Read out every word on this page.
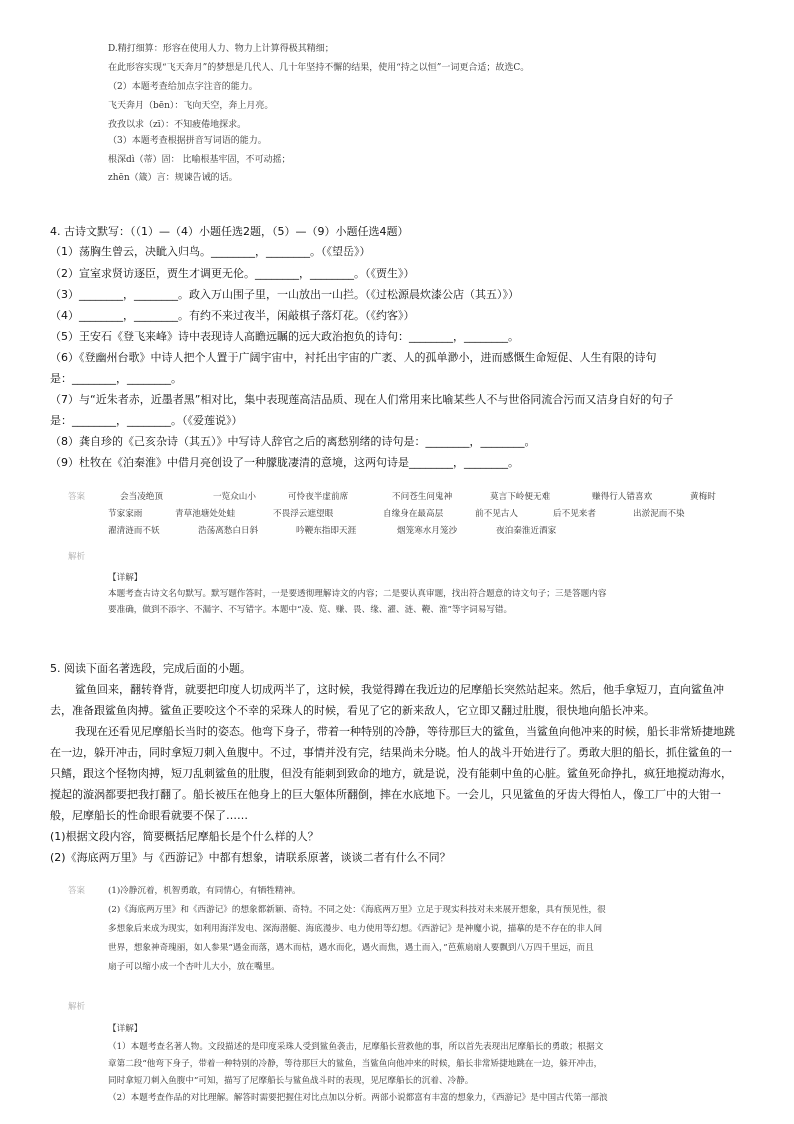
D.精打细算：形容在使用人力、物力上计算得极其精细；
在此形容实现“飞天奔月”的梦想是几代人、几十年坚持不懈的结果，使用“持之以恒”一词更合适；故选C。
（2）本题考查给加点字注音的能力。
飞天奔月（bēn）：飞向天空，奔上月亮。
孜孜以求（zī）：不知疲倦地探求。
（3）本题考查根据拼音写词语的能力。
根深dì（蒂）固： 比喻根基牢固，不可动摇；
zhēn（箴）言：规谏告诫的话。
4. 古诗文默写：（（1）—（4）小题任选2题，（5）—（9）小题任选4题）
（1）荡胸生曾云，决眦入归鸟。________，________。（《望岳》）
（2）宣室求贤访逐臣，贾生才调更无伦。________，________。（《贾生》）
（3）________，________。政入万山围子里，一山放出一山拦。（《过松源晨炊漆公店（其五）》）
（4）________，________。有约不来过夜半，闲敲棋子落灯花。（《约客》）
（5）王安石《登飞来峰》诗中表现诗人高瞻远瞩的远大政治抱负的诗句：________，________。
（6）《登幽州台歌》中诗人把个人置于广阔宇宙中，衬托出宇宙的广袤、人的孤单渺小，进而感慨生命短促、人生有限的诗句
是：________，________。
（7）与“近朱者赤，近墨者黑”相对比，集中表现莲高洁品质、现在人们常用来比喻某些人不与世俗同流合污而又洁身自好的句子
是：________，________。（《爱莲说》）
（8）龚自珍的《己亥杂诗（其五）》中写诗人辞官之后的离愁别绪的诗句是：________，________。
（9）杜牧在《泊秦淮》中借月亮创设了一种朦胧凄清的意境，这两句诗是________，________。
答案	会当凌绝顶	一览众山小	可怜夜半虚前席	不问苍生问鬼神	莫言下岭便无难	赚得行人错喜欢	黄梅时
节家家雨	青草池塘处处蛙	不畏浮云遮望眼	自缘身在最高层	前不见古人	后不见来者	出淤泥而不染
濯清涟而不妖	浩荡离愁白日斜	吟鞭东指即天涯	烟笼寒水月笼沙	夜泊秦淮近酒家
解析
【详解】
本题考查古诗文名句默写。默写题作答时，一是要透彻理解诗文的内容；二是要认真审题，找出符合题意的诗文句子；三是答题内容
要准确，做到不添字、不漏字、不写错字。本题中“凌、览、赚、畏、缘、濯、涟、鞭、淮”等字词易写错。
5. 阅读下面名著选段，完成后面的小题。
鲨鱼回来，翻转脊背，就要把印度人切成两半了，这时候，我觉得蹲在我近边的尼摩船长突然站起来。然后，他手拿短刀，直向鲨鱼冲
去，准备跟鲨鱼肉搏。鲨鱼正要咬这个不幸的采珠人的时候，看见了它的新来敌人，它立即又翻过肚腹，很快地向船长冲来。
我现在还看见尼摩船长当时的姿态。他弯下身子，带着一种特别的冷静，等待那巨大的鲨鱼，当鲨鱼向他冲来的时候，船长非常矫捷地跳
在一边，躲开冲击，同时拿短刀刺入鱼腹中。不过，事情并没有完，结果尚未分晓。怕人的战斗开始进行了。勇敢大胆的船长，抓住鲨鱼的一
只鳍，跟这个怪物肉搏，短刀乱刺鲨鱼的肚腹，但没有能刺到致命的地方，就是说，没有能刺中鱼的心脏。鲨鱼死命挣扎，疯狂地搅动海水，
搅起的漩涡都要把我打翻了。船长被压在他身上的巨大躯体所翻倒，摔在水底地下。一会儿，只见鲨鱼的牙齿大得怕人，像工厂中的大钳一
般，尼摩船长的性命眼看就要不保了……
(1)根据文段内容，简要概括尼摩船长是个什么样的人？
(2)《海底两万里》与《西游记》中都有想象，请联系原著，谈谈二者有什么不同？
答案	(1)冷静沉着，机智勇敢，有同情心，有牺牲精神。
(2)《海底两万里》和《西游记》的想象都新颖、奇特。不同之处：《海底两万里》立足于现实科技对未来展开想象，具有预见性，很
多想象后来成为现实，如利用海洋发电、深海潜艇、海底漫步、电力使用等幻想。《西游记》是神魔小说，描摹的是不存在的非人间
世界，想象神奇瑰丽，如人参果“遇金而落，遇木而枯，遇水而化，遇火而焦，遇土而入，”芭蕉扇扇人要飘到八万四千里远，而且
扇子可以缩小成一个杏叶儿大小，放在嘴里。
解析
【详解】
（1）本题考查名著人物。文段描述的是印度采珠人受到鲨鱼袭击，尼摩船长营救他的事，所以首先表现出尼摩船长的勇敢；根据文
章第二段“他弯下身子，带着一种特别的冷静，等待那巨大的鲨鱼，当鲨鱼向他冲来的时候，船长非常矫捷地跳在一边，躲开冲击，
同时拿短刀刺入鱼腹中”可知，描写了尼摩船长与鲨鱼战斗时的表现，见尼摩船长的沉着、冷静。
（2）本题考查作品的对比理解。解答时需要把握住对比点加以分析。两部小说都富有丰富的想象力，《西游记》是中国古代第一部浪
